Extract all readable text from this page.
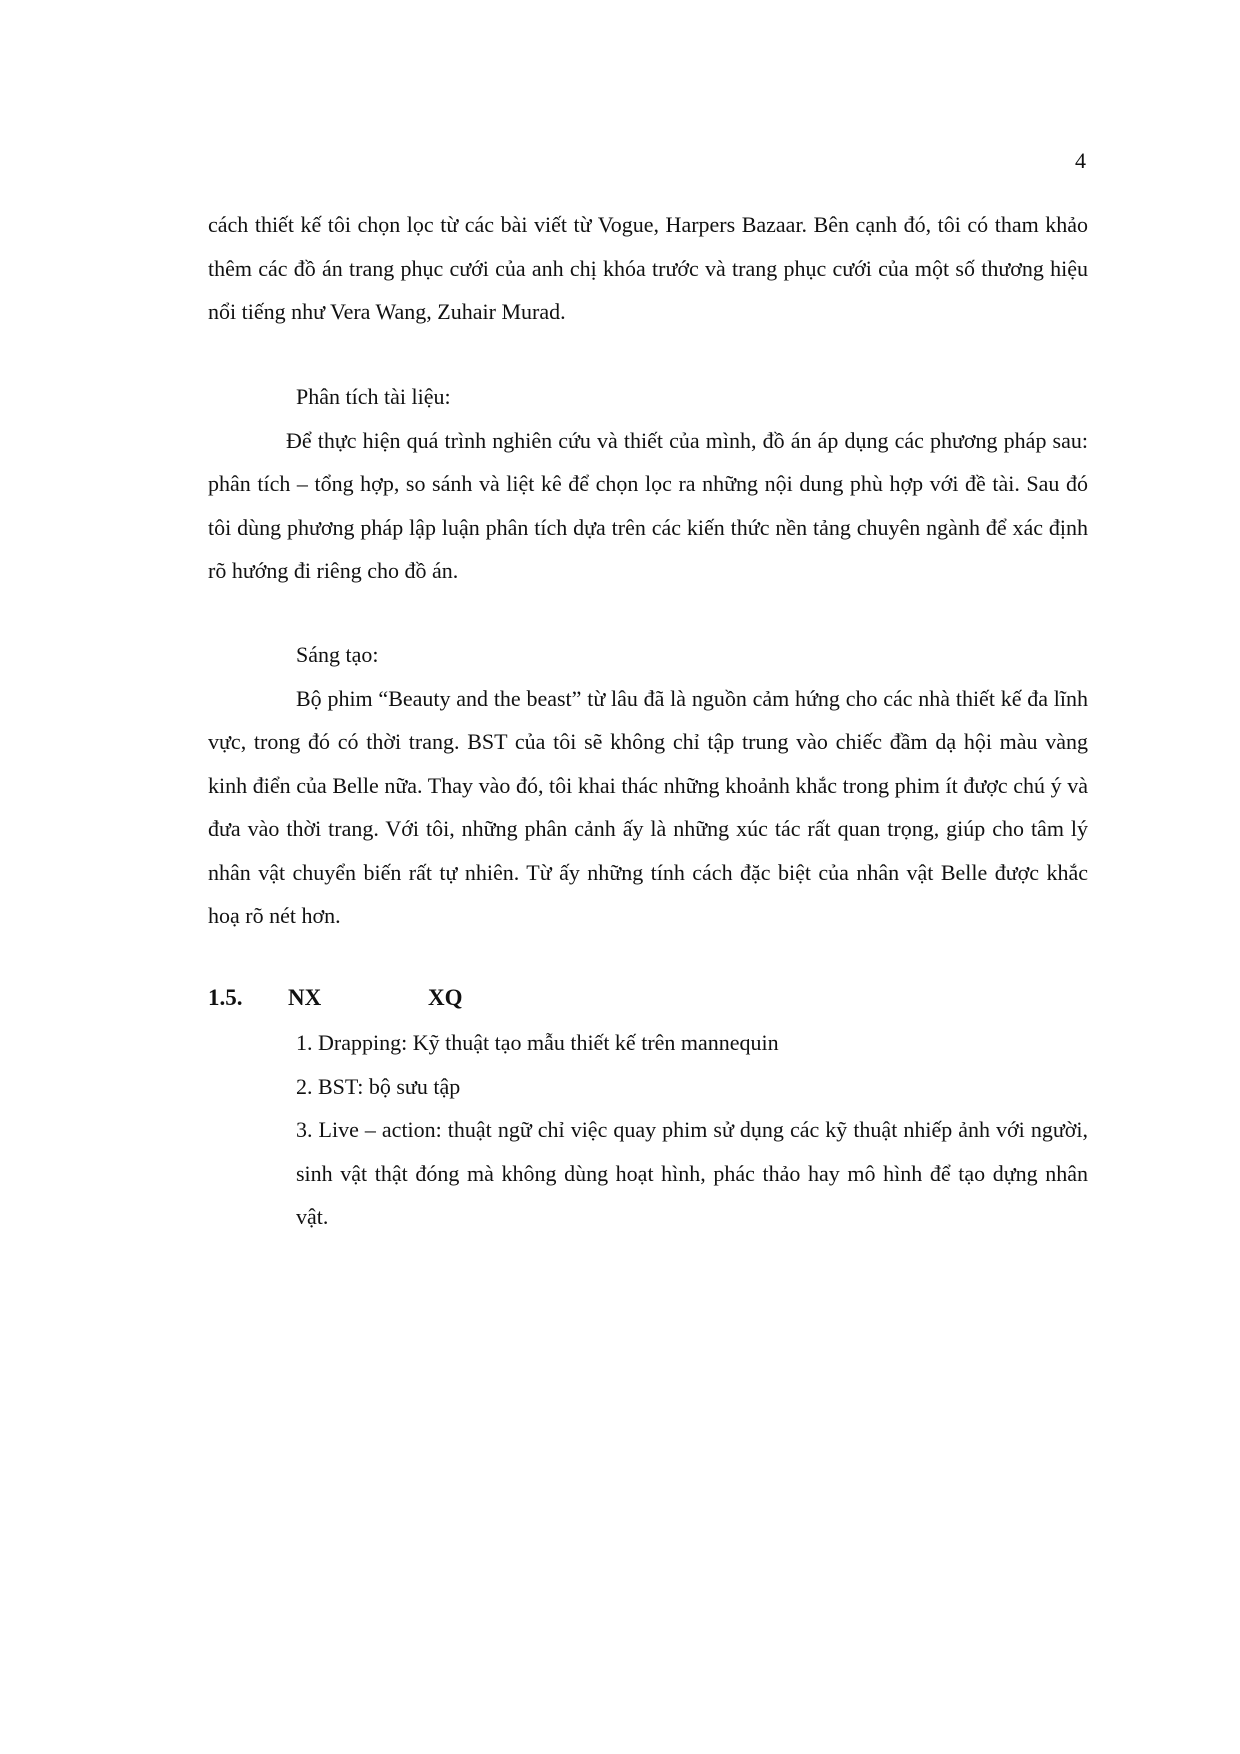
4
cách thiết kế tôi chọn lọc từ các bài viết từ Vogue, Harpers Bazaar. Bên cạnh đó, tôi có tham khảo thêm các đồ án trang phục cưới của anh chị khóa trước và trang phục cưới của một số thương hiệu nổi tiếng như Vera Wang, Zuhair Murad.
Phân tích tài liệu:
Để thực hiện quá trình nghiên cứu và thiết của mình, đồ án áp dụng các phương pháp sau: phân tích – tổng hợp, so sánh và liệt kê để chọn lọc ra những nội dung phù hợp với đề tài. Sau đó tôi dùng phương pháp lập luận phân tích dựa trên các kiến thức nền tảng chuyên ngành để xác định rõ hướng đi riêng cho đồ án.
Sáng tạo:
Bộ phim “Beauty and the beast” từ lâu đã là nguồn cảm hứng cho các nhà thiết kế đa lĩnh vực, trong đó có thời trang. BST của tôi sẽ không chỉ tập trung vào chiếc đầm dạ hội màu vàng kinh điển của Belle nữa. Thay vào đó, tôi khai thác những khoảnh khắc trong phim ít được chú ý và đưa vào thời trang. Với tôi, những phân cảnh ấy là những xúc tác rất quan trọng, giúp cho tâm lý nhân vật chuyển biến rất tự nhiên. Từ ấy những tính cách đặc biệt của nhân vật Belle được khắc hoạ rõ nét hơn.
1.5. NX	XQ
1. Drapping: Kỹ thuật tạo mẫu thiết kế trên mannequin
2. BST: bộ sưu tập
3. Live – action: thuật ngữ chỉ việc quay phim sử dụng các kỹ thuật nhiếp ảnh với người, sinh vật thật đóng mà không dùng hoạt hình, phác thảo hay mô hình để tạo dựng nhân vật.
